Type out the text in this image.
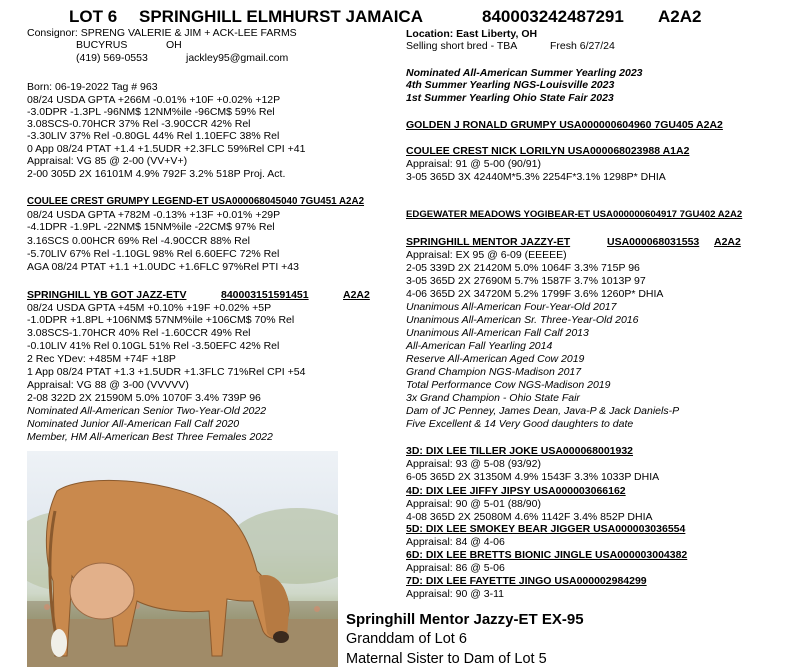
LOT 6 SPRINGHILL ELMHURST JAMAICA	840003242487291 A2A2
Consignor: SPRENG VALERIE & JIM + ACK-LEE FARMS
BUCYRUS	OH
(419) 569-0553	jackley95@gmail.com
Location: East Liberty, OH
Selling short bred - TBA	Fresh 6/27/24
Nominated All-American Summer Yearling 2023
4th Summer Yearling NGS-Louisville 2023
1st Summer Yearling Ohio State Fair 2023
Born: 06-19-2022 Tag # 963
08/24 USDA GPTA +266M -0.01% +10F +0.02% +12P
-3.0DPR -1.3PL -96NM$ 12NM%ile -96CM$ 59% Rel
3.08SCS-0.70HCR 37% Rel -3.90CCR 42% Rel
-3.30LIV 37% Rel -0.80GL 44% Rel 1.10EFC 38% Rel
0 App 08/24 PTAT +1.4 +1.5UDR +2.3FLC 59%Rel CPI +41
Appraisal: VG 85 @ 2-00 (VV+V+)
2-00 305D 2X 16101M 4.9% 792F 3.2% 518P Proj. Act.
COULEE CREST GRUMPY LEGEND-ET USA000068045040 7GU451 A2A2
08/24 USDA GPTA +782M -0.13% +13F +0.01% +29P
-4.1DPR -1.9PL -22NM$ 15NM%ile -22CM$ 97% Rel
3.16SCS 0.00HCR 69% Rel -4.90CCR 88% Rel
-5.70LIV 67% Rel -1.10GL 98% Rel 6.60EFC 72% Rel
AGA 08/24 PTAT +1.1 +1.0UDC +1.6FLC 97%Rel PTI +43
SPRINGHILL YB GOT JAZZ-ETV	840003151591451	A2A2
08/24 USDA GPTA +45M +0.10% +19F +0.02% +5P
-1.0DPR +1.8PL +106NM$ 57NM%ile +106CM$ 70% Rel
3.08SCS-1.70HCR 40% Rel -1.60CCR 49% Rel
-0.10LIV 41% Rel 0.10GL 51% Rel -3.50EFC 42% Rel
2 Rec YDev: +485M +74F +18P
1 App 08/24 PTAT +1.3 +1.5UDR +1.3FLC 71%Rel CPI +54
Appraisal: VG 88 @ 3-00 (VVVVV)
2-08 322D 2X 21590M 5.0% 1070F 3.4% 739P 96
Nominated All-American Senior Two-Year-Old 2022
Nominated Junior All-American Fall Calf 2020
Member, HM All-American Best Three Females 2022
GOLDEN J RONALD GRUMPY USA000000604960 7GU405 A2A2
COULEE CREST NICK LORILYN USA000068023988 A1A2
Appraisal: 91 @ 5-00 (90/91)
3-05 365D 3X 42440M*5.3% 2254F*3.1% 1298P* DHIA
EDGEWATER MEADOWS YOGIBEAR-ET USA000000604917 7GU402 A2A2
SPRINGHILL MENTOR JAZZY-ET	USA000068031553 A2A2
Appraisal: EX 95 @ 6-09 (EEEEE)
2-05 339D 2X 21420M 5.0% 1064F 3.3% 715P 96
3-05 365D 2X 27690M 5.7% 1587F 3.7% 1013P 97
4-06 365D 2X 34720M 5.2% 1799F 3.6% 1260P* DHIA
Unanimous All-American Four-Year-Old 2017
Unanimous All-American Sr. Three-Year-Old 2016
Unanimous All-American Fall Calf 2013
All-American Fall Yearling 2014
Reserve All-American Aged Cow 2019
Grand Champion NGS-Madison 2017
Total Performance Cow NGS-Madison 2019
3x Grand Champion - Ohio State Fair
Dam of JC Penney, James Dean, Java-P & Jack Daniels-P
Five Excellent & 14 Very Good daughters to date
3D: DIX LEE TILLER JOKE USA000068001932
Appraisal: 93 @ 5-08 (93/92)
6-05 365D 2X 31350M 4.9% 1543F 3.3% 1033P DHIA
4D: DIX LEE JIFFY JIPSY USA000003066162
Appraisal: 90 @ 5-01 (88/90)
4-08 365D 2X 25080M 4.6% 1142F 3.4% 852P DHIA
5D: DIX LEE SMOKEY BEAR JIGGER USA000003036554
Appraisal: 84 @ 4-06
6D: DIX LEE BRETTS BIONIC JINGLE USA000003004382
Appraisal: 86 @ 5-06
7D: DIX LEE FAYETTE JINGO USA000002984299
Appraisal: 90 @ 3-11
Springhill Mentor Jazzy-ET EX-95
Granddam of Lot 6
Maternal Sister to Dam of Lot 5
